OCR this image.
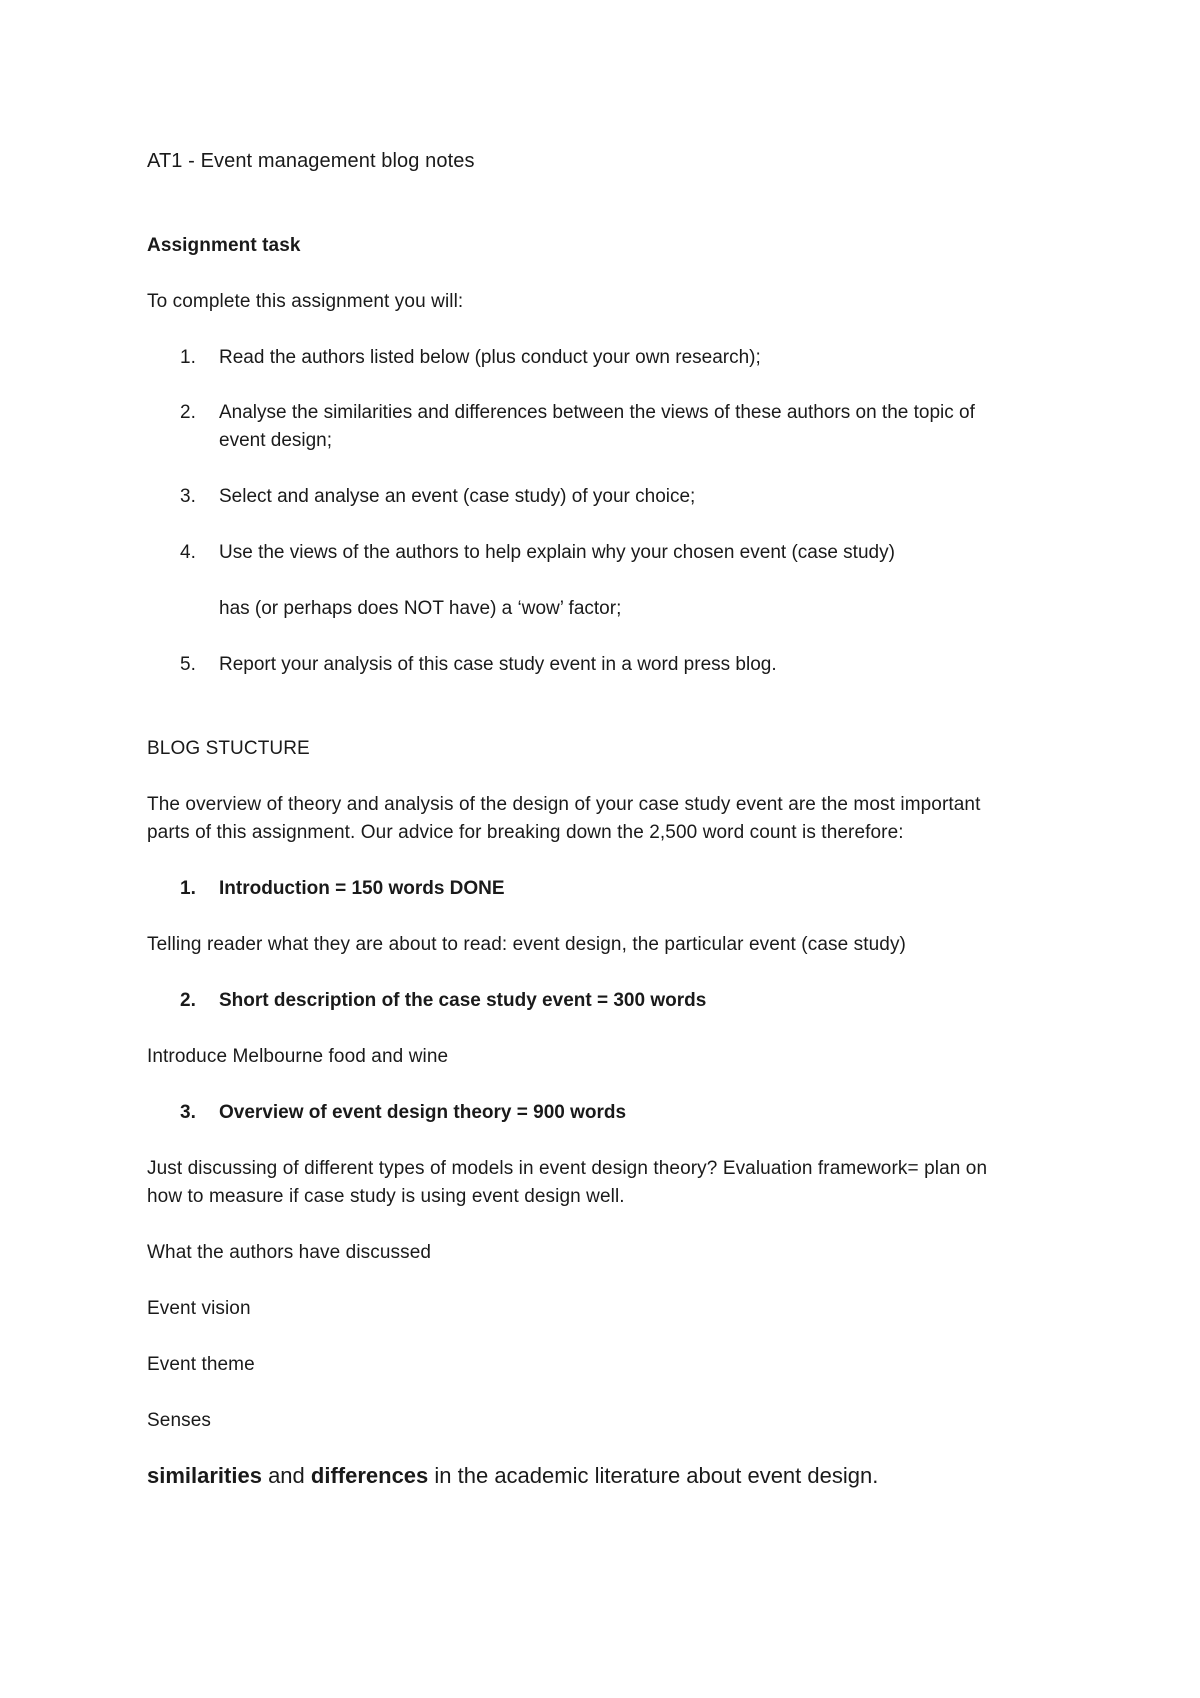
AT1 - Event management blog notes
Assignment task
To complete this assignment you will:
1. Read the authors listed below (plus conduct your own research);
2. Analyse the similarities and differences between the views of these authors on the topic of
event design;
3. Select and analyse an event (case study) of your choice;
4. Use the views of the authors to help explain why your chosen event (case study)
has (or perhaps does NOT have) a ‘wow’ factor;
5. Report your analysis of this case study event in a word press blog.
BLOG STUCTURE
The overview of theory and analysis of the design of your case study event are the most important
parts of this assignment. Our advice for breaking down the 2,500 word count is therefore:
1. Introduction = 150 words DONE
Telling reader what they are about to read: event design, the particular event (case study)
2. Short description of the case study event = 300 words
Introduce Melbourne food and wine
3. Overview of event design theory = 900 words
Just discussing of different types of models in event design theory? Evaluation framework= plan on
how to measure if case study is using event design well.
What the authors have discussed
Event vision
Event theme
Senses
similarities and differences in the academic literature about event design.
